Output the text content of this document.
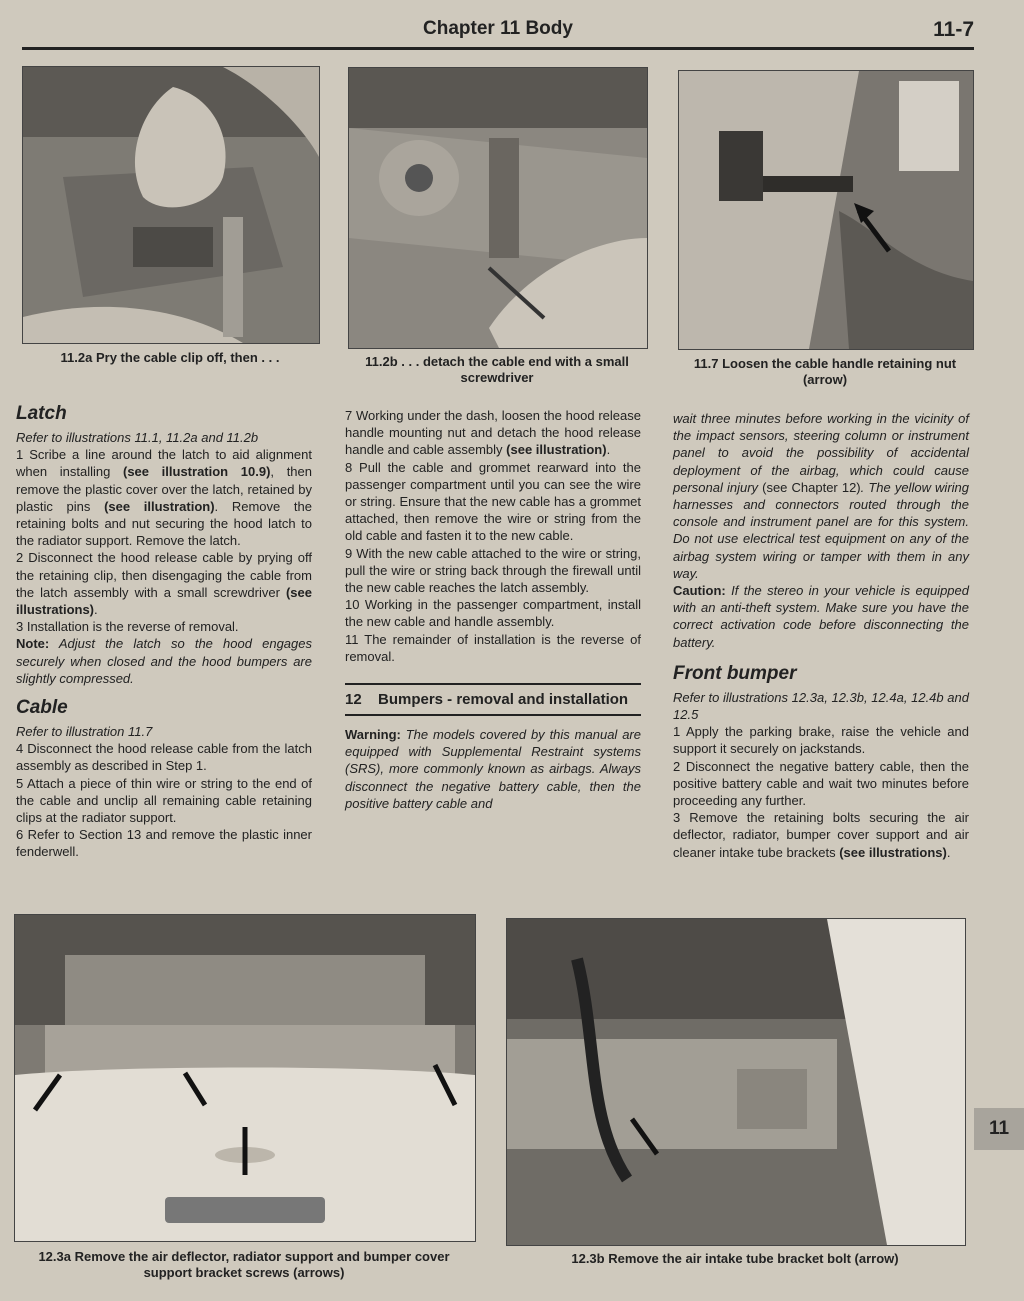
Chapter 11 Body	11-7
11.2a Pry the cable clip off, then . . .	11.2b . . . detach the cable end with a small screwdriver
11.7 Loosen the cable handle retaining nut (arrow)
Latch

Refer to illustrations 11.1, 11.2a and 11.2b

1 Scribe a line around the latch to aid alignment when installing (see illustration 10.9), then remove the plastic cover over the latch, retained by plastic pins (see illustration). Remove the retaining bolts and nut securing the hood latch to the radiator support. Remove the latch.

2 Disconnect the hood release cable by prying off the retaining clip, then disengaging the cable from the latch assembly with a small screwdriver (see illustrations).

3 Installation is the reverse of removal.

Note: Adjust the latch so the hood engages securely when closed and the hood bumpers are slightly compressed.

Cable

Refer to illustration 11.7

4 Disconnect the hood release cable from the latch assembly as described in Step 1.

5 Attach a piece of thin wire or string to the end of the cable and unclip all remaining cable retaining clips at the radiator support.

6 Refer to Section 13 and remove the plastic inner fenderwell.

7 Working under the dash, loosen the hood release handle mounting nut and detach the hood release handle and cable assembly (see illustration).

8 Pull the cable and grommet rearward into the passenger compartment until you can see the wire or string. Ensure that the new cable has a grommet attached, then remove the wire or string from the old cable and fasten it to the new cable.

9 With the new cable attached to the wire or string, pull the wire or string back through the firewall until the new cable reaches the latch assembly.

10 Working in the passenger compartment, install the new cable and handle assembly.

11 The remainder of installation is the reverse of removal.

12	Bumpers - removal and installation

Warning: The models covered by this manual are equipped with Supplemental Restraint systems (SRS), more commonly known as airbags. Always disconnect the negative battery cable, then the positive battery cable and

wait three minutes before working in the vicinity of the impact sensors, steering column or instrument panel to avoid the possibility of accidental deployment of the airbag, which could cause personal injury (see Chapter 12). The yellow wiring harnesses and connectors routed through the console and instrument panel are for this system. Do not use electrical test equipment on any of the airbag system wiring or tamper with them in any way.

Caution: If the stereo in your vehicle is equipped with an anti-theft system. Make sure you have the correct activation code before disconnecting the battery.

Front bumper

Refer to illustrations 12.3a, 12.3b, 12.4a, 12.4b and 12.5

1 Apply the parking brake, raise the vehicle and support it securely on jackstands.

2 Disconnect the negative battery cable, then the positive battery cable and wait two minutes before proceeding any further.

3 Remove the retaining bolts securing the air deflector, radiator, bumper cover support and air cleaner intake tube brackets (see illustrations).

12.3a Remove the air deflector, radiator support and bumper cover support bracket screws (arrows)
12.3b Remove the air intake tube bracket bolt (arrow)
11
